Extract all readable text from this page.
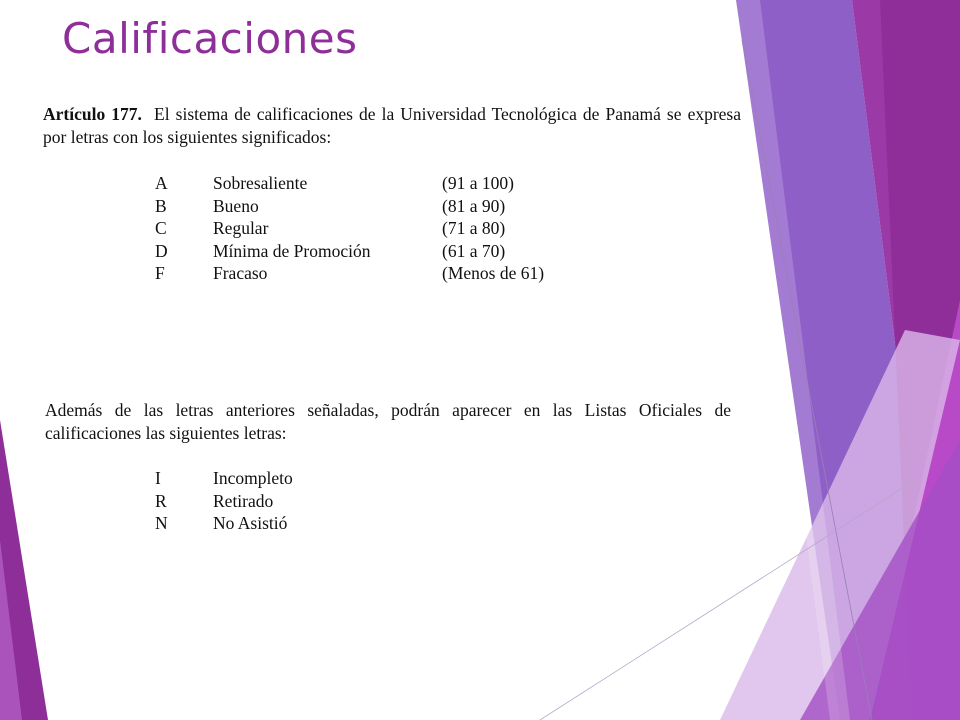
Calificaciones

Artículo 177. El sistema de calificaciones de la Universidad Tecnológica de Panamá se expresa por letras con los siguientes significados:

A	Sobresaliente	(91 a 100)
B	Bueno	(81 a 90)
C	Regular	(71 a 80)
D	Mínima de Promoción	(61 a 70)
F	Fracaso	(Menos de 61)

Además de las letras anteriores señaladas, podrán aparecer en las Listas Oficiales de calificaciones las siguientes letras:

I	Incompleto
R	Retirado
N	No Asistió
